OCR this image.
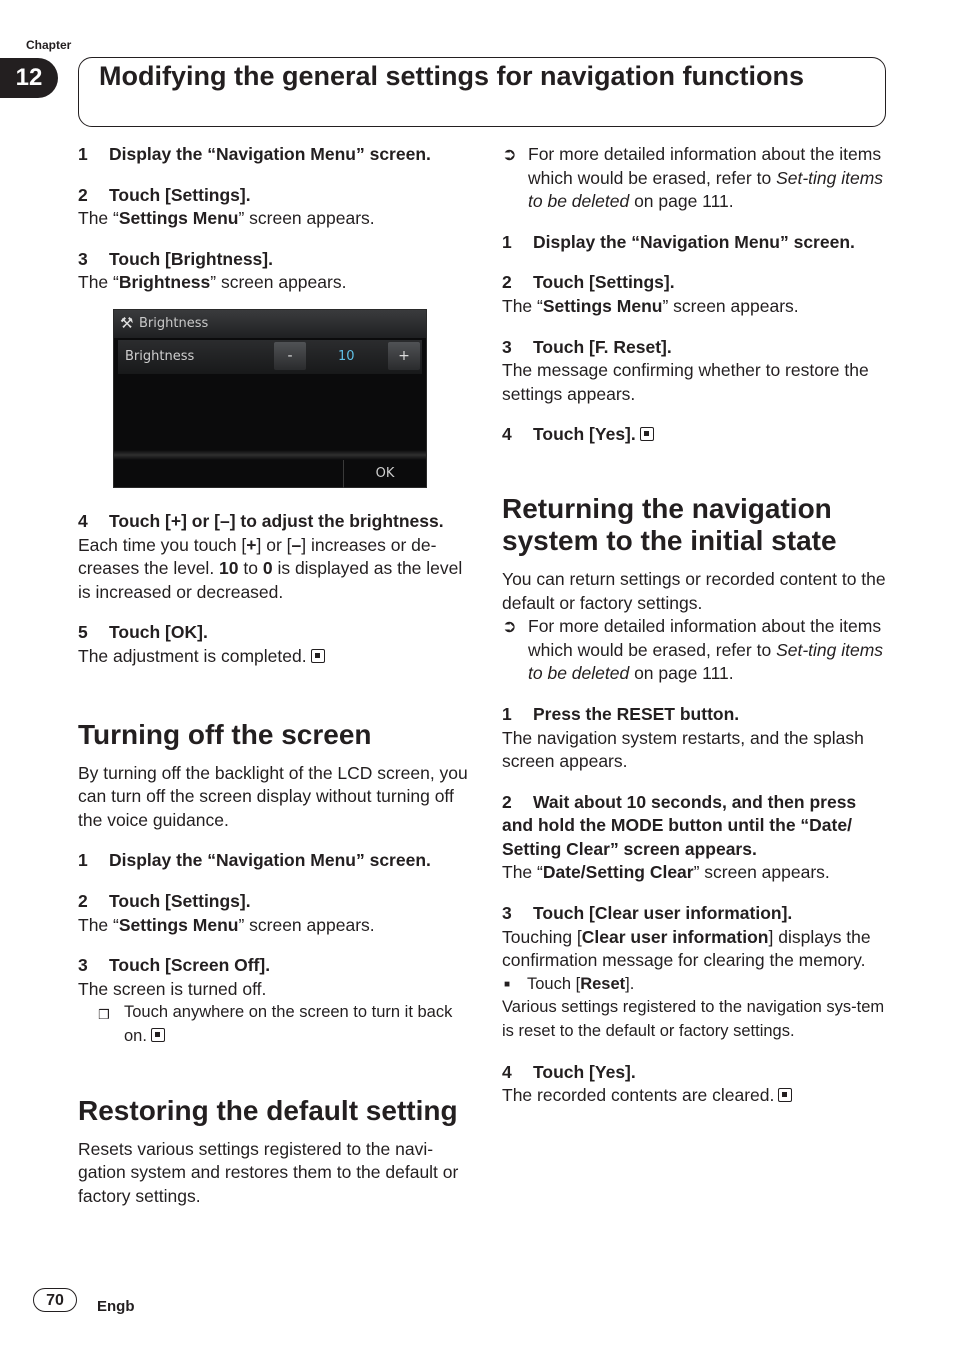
Chapter
12	Modifying the general settings for navigation functions

1 Display the “Navigation Menu” screen.

2 Touch [Settings].

The “Settings Menu” screen appears.

3 Touch [Brightness].

The “Brightness” screen appears.

⚒ Brightness
Brightness	-	10	+
OK

4 Touch [+] or [–] to adjust the brightness.

Each time you touch [+] or [–] increases or de-creases the level. 10 to 0 is displayed as the level is increased or decreased.

5 Touch [OK].

The adjustment is completed.

Turning off the screen

By turning off the backlight of the LCD screen, you can turn off the screen display without turning off the voice guidance.

1 Display the “Navigation Menu” screen.

2 Touch [Settings].

The “Settings Menu” screen appears.

3 Touch [Screen Off].

The screen is turned off.

❒ Touch anywhere on the screen to turn it back on.

Restoring the default setting

Resets various settings registered to the navi-gation system and restores them to the default or factory settings.

➲ For more detailed information about the items which would be erased, refer to Set-ting items to be deleted on page 111.

1 Display the “Navigation Menu” screen.

2 Touch [Settings].

The “Settings Menu” screen appears.

3 Touch [F. Reset].

The message confirming whether to restore the settings appears.

4 Touch [Yes].

Returning the navigation system to the initial state

You can return settings or recorded content to the default or factory settings.

➲ For more detailed information about the items which would be erased, refer to Set-ting items to be deleted on page 111.

1 Press the RESET button.

The navigation system restarts, and the splash screen appears.

2 Wait about 10 seconds, and then press and hold the MODE button until the “Date/ Setting Clear” screen appears.

The “Date/Setting Clear” screen appears.

3 Touch [Clear user information].

Touching [Clear user information] displays the confirmation message for clearing the memory.

■ Touch [Reset].

Various settings registered to the navigation sys-tem is reset to the default or factory settings.

4 Touch [Yes].

The recorded contents are cleared.

70	Engb
